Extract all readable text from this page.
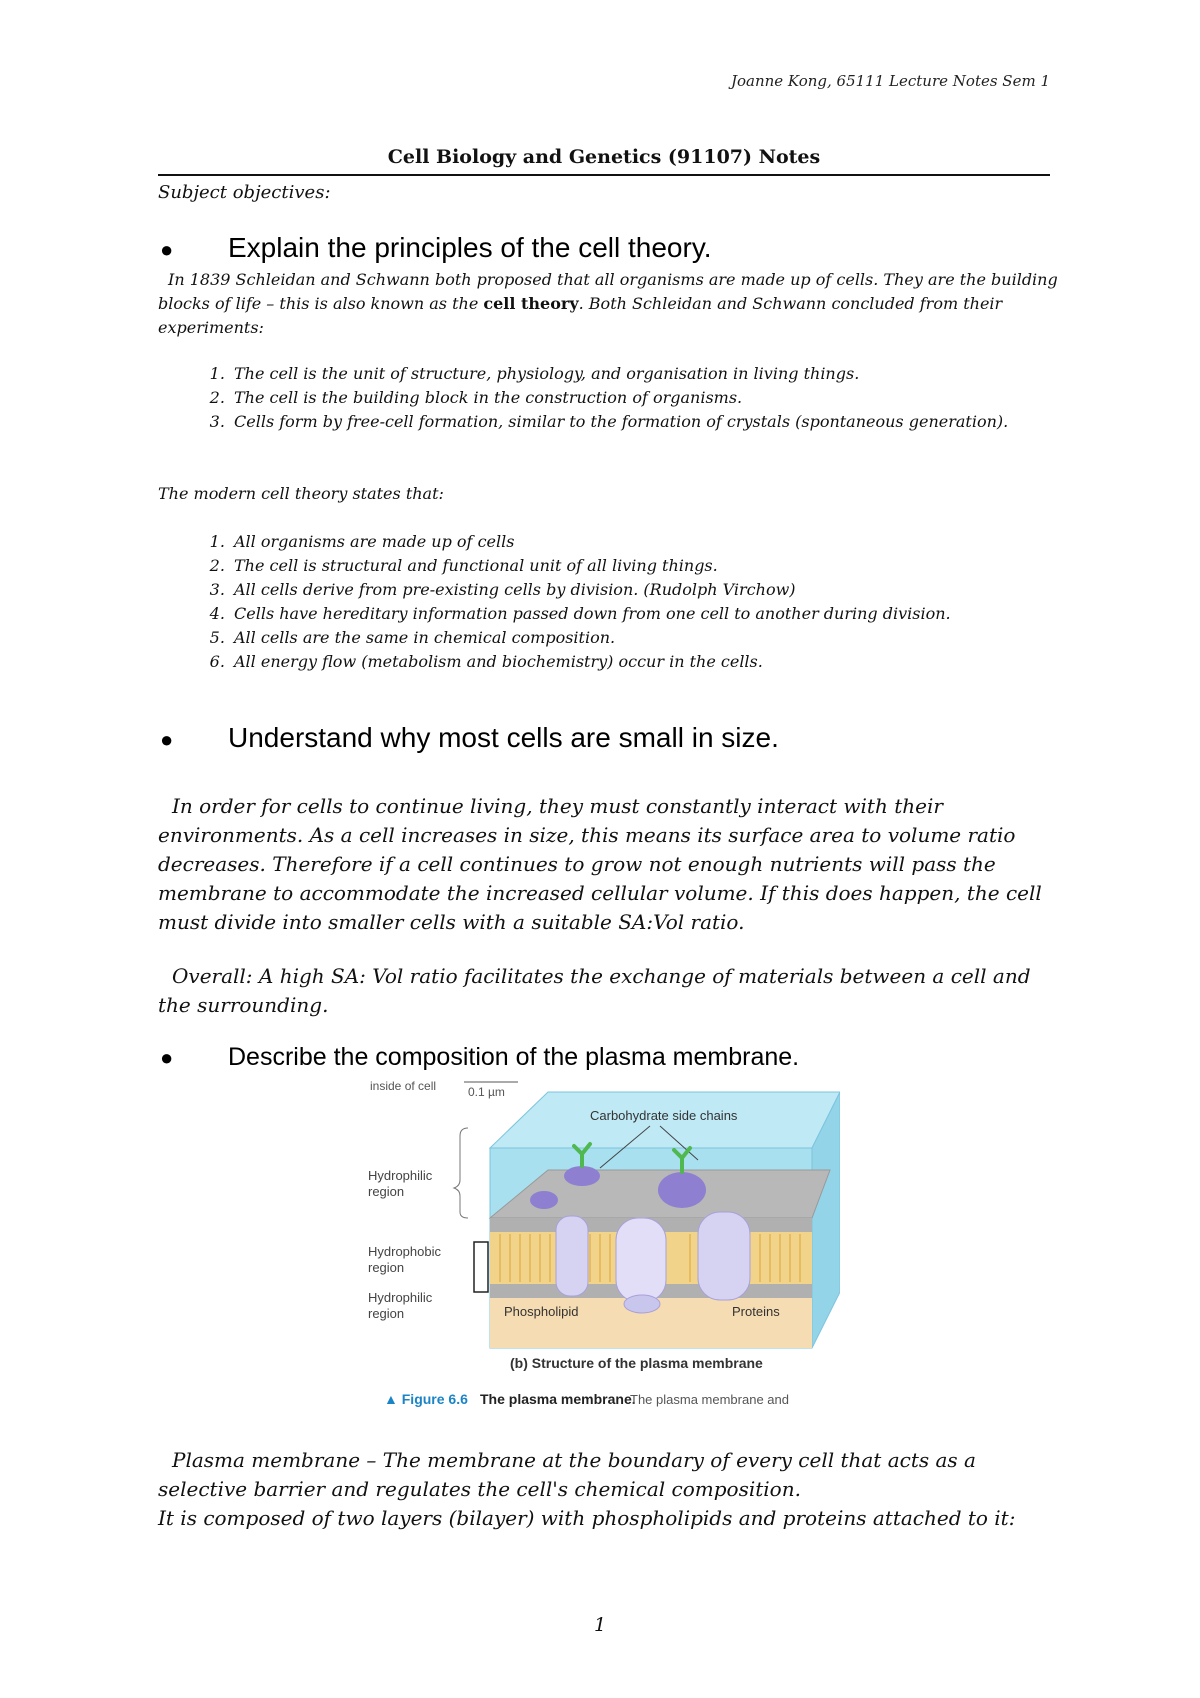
Joanne Kong, 65111 Lecture Notes Sem 1
Cell Biology and Genetics (91107) Notes
Subject objectives:
● Explain the principles of the cell theory.
In 1839 Schleidan and Schwann both proposed that all organisms are made up of cells. They are the building blocks of life – this is also known as the cell theory. Both Schleidan and Schwann concluded from their experiments:
1. The cell is the unit of structure, physiology, and organisation in living things.
2. The cell is the building block in the construction of organisms.
3. Cells form by free-cell formation, similar to the formation of crystals (spontaneous generation).
The modern cell theory states that:
1. All organisms are made up of cells
2. The cell is structural and functional unit of all living things.
3. All cells derive from pre-existing cells by division. (Rudolph Virchow)
4. Cells have hereditary information passed down from one cell to another during division.
5. All cells are the same in chemical composition.
6. All energy flow (metabolism and biochemistry) occur in the cells.
● Understand why most cells are small in size.
In order for cells to continue living, they must constantly interact with their environments. As a cell increases in size, this means its surface area to volume ratio decreases. Therefore if a cell continues to grow not enough nutrients will pass the membrane to accommodate the increased cellular volume. If this does happen, the cell must divide into smaller cells with a suitable SA:Vol ratio.
Overall: A high SA: Vol ratio facilitates the exchange of materials between a cell and the surrounding.
● Describe the composition of the plasma membrane.
inside of cell	0.1 µm
Carbohydrate side chains
Hydrophilic
region
Hydrophobic
region
Hydrophilic
region	Phospholipid	Proteins
(b) Structure of the plasma membrane
▲ Figure 6.6 The plasma membrane.
The plasma membrane and
Plasma membrane – The membrane at the boundary of every cell that acts as a selective barrier and regulates the cell's chemical composition.
It is composed of two layers (bilayer) with phospholipids and proteins attached to it:
1
